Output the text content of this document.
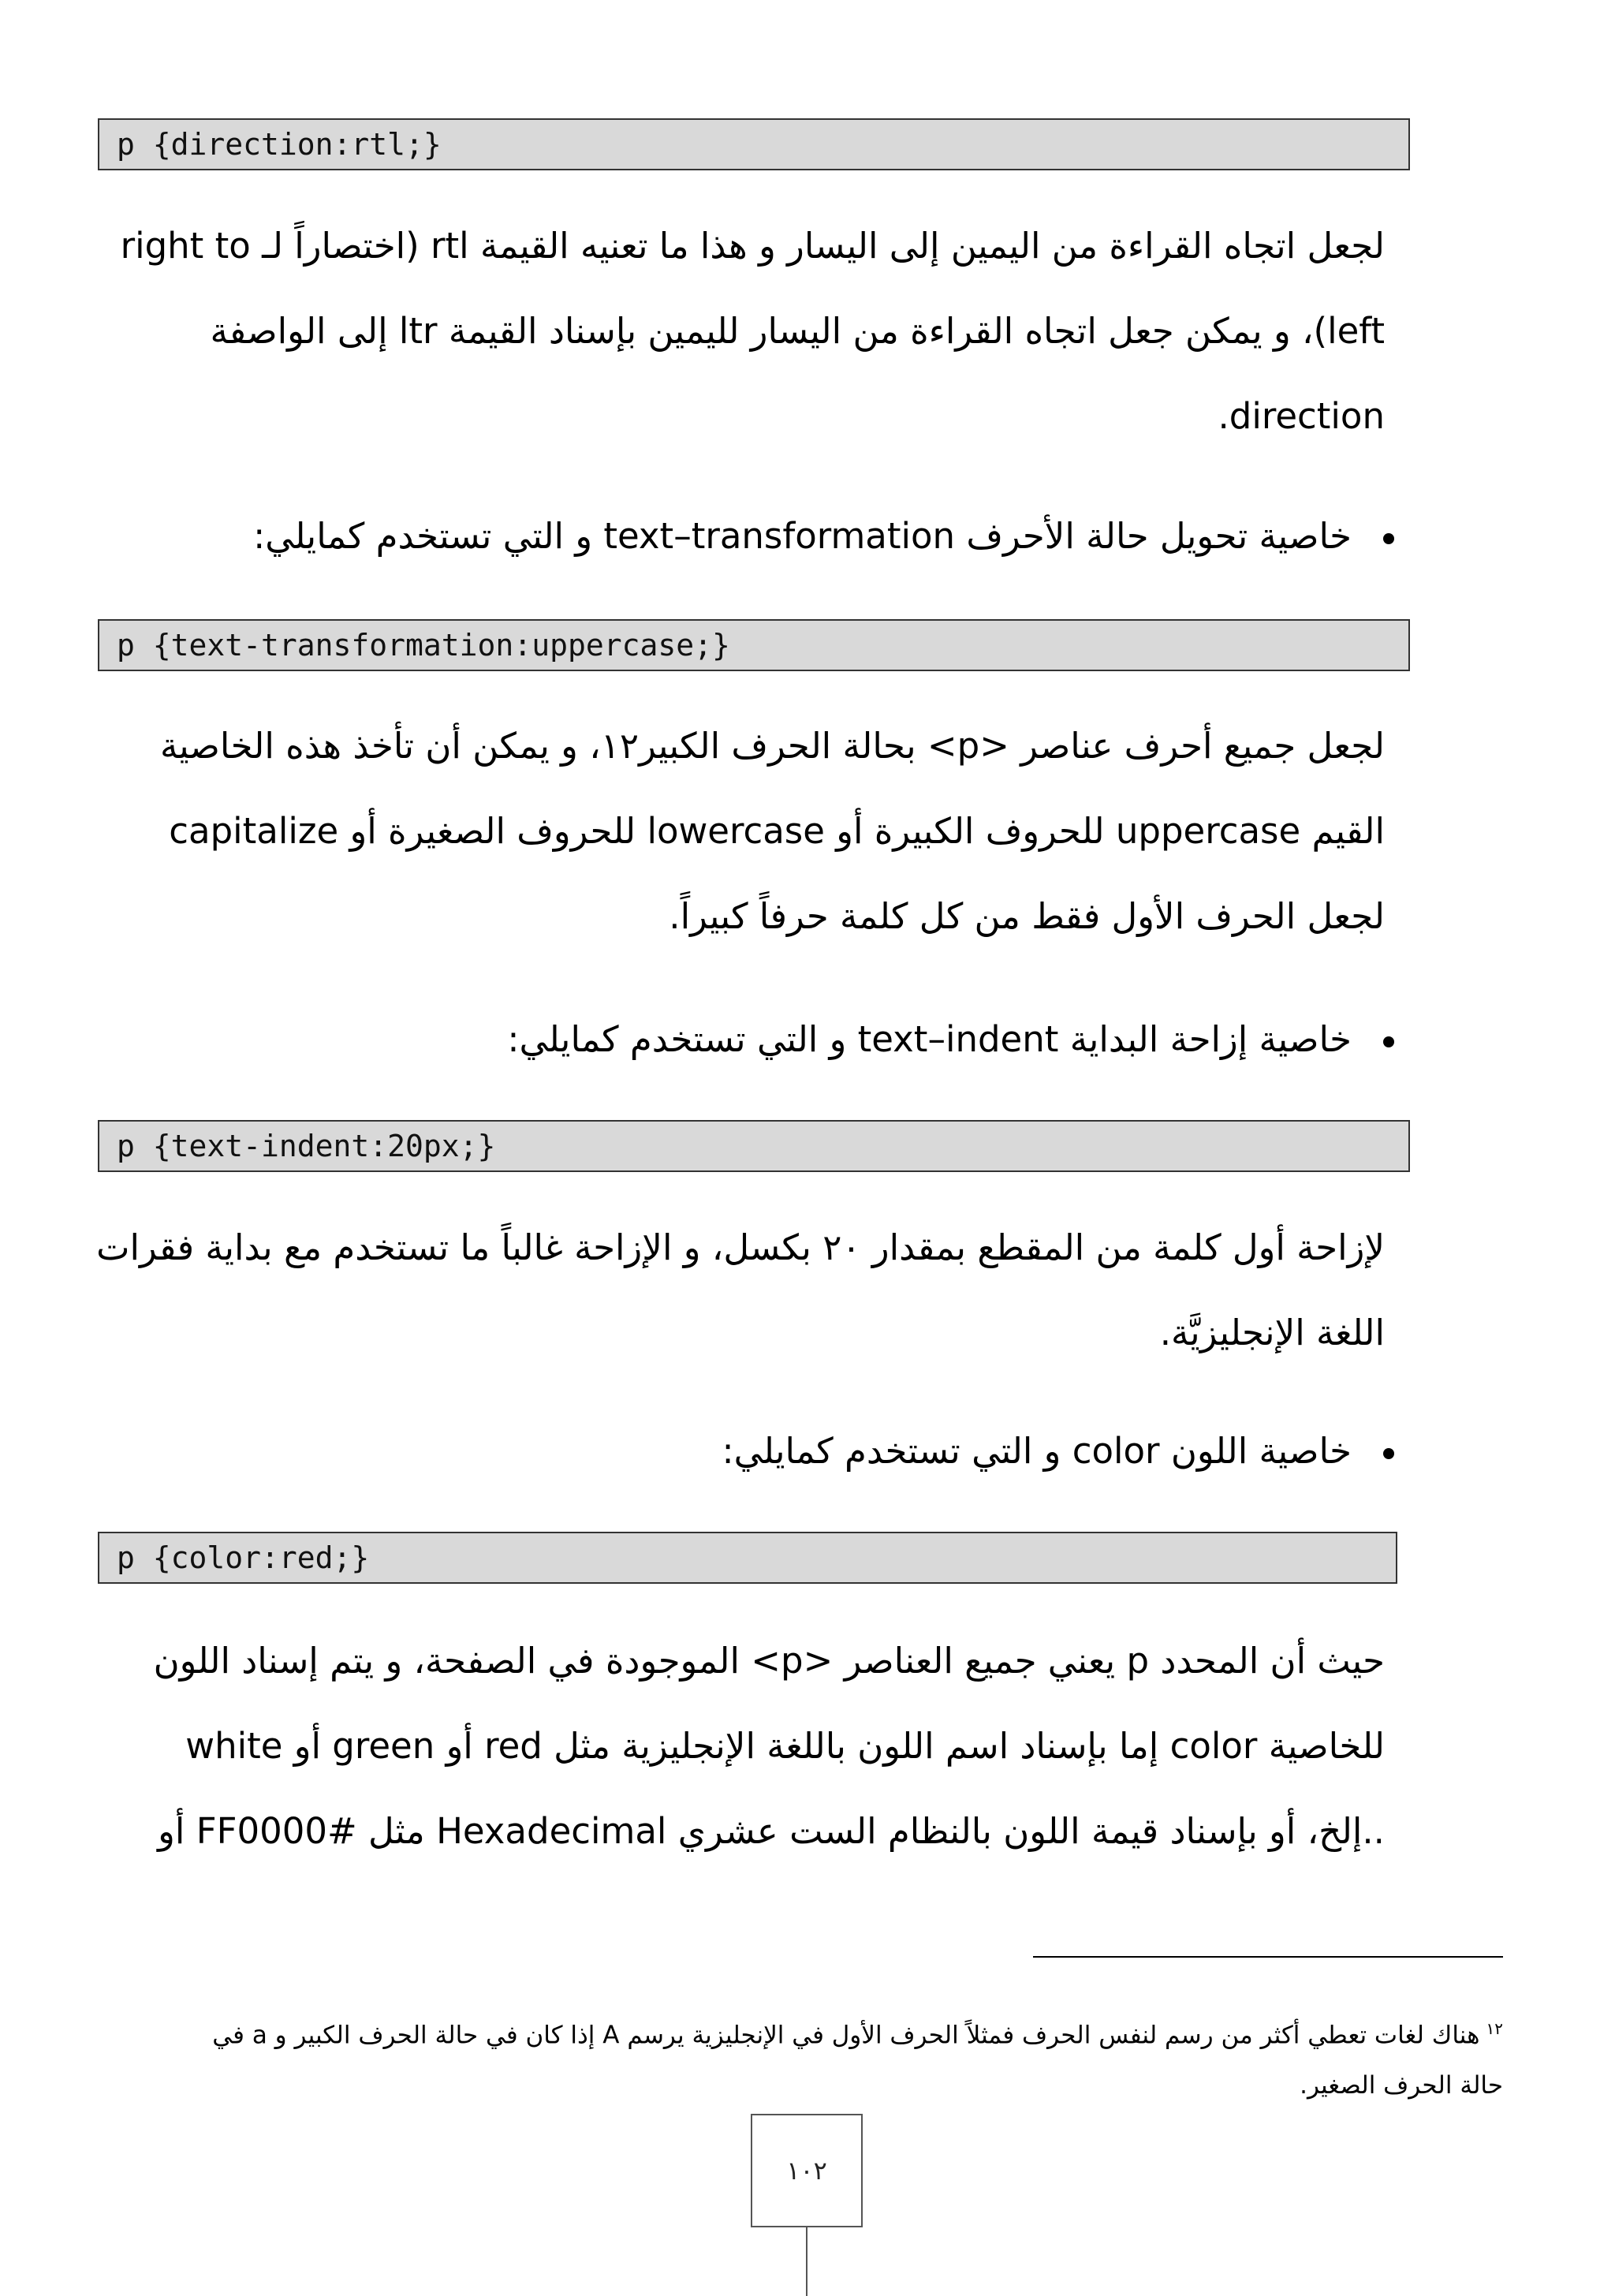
p {direction:rtl;}
لجعل اتجاه القراءة من اليمين إلى اليسار و هذا ما تعنيه القيمة rtl (اختصاراً لـ right to
left)، و يمكن جعل اتجاه القراءة من اليسار لليمين بإسناد القيمة ltr إلى الواصفة
direction.
خاصية تحويل حالة الأحرف text–transformation و التي تستخدم كمايلي:
p {text-transformation:uppercase;}
لجعل جميع أحرف عناصر <p> بحالة الحرف الكبير١٢، و يمكن أن تأخذ هذه الخاصية
القيم uppercase للحروف الكبيرة أو lowercase للحروف الصغيرة أو capitalize
لجعل الحرف الأول فقط من كل كلمة حرفاً كبيراً.
خاصية إزاحة البداية text–indent و التي تستخدم كمايلي:
p {text-indent:20px;}
لإزاحة أول كلمة من المقطع بمقدار ٢٠ بكسل، و الإزاحة غالباً ما تستخدم مع بداية فقرات
اللغة الإنجليزيَّة.
خاصية اللون color و التي تستخدم كمايلي:
p {color:red;}
حيث أن المحدد p يعني جميع العناصر <p> الموجودة في الصفحة، و يتم إسناد اللون
للخاصية color إما بإسناد اسم اللون باللغة الإنجليزية مثل red أو green أو white
..إلخ، أو بإسناد قيمة اللون بالنظام الست عشري Hexadecimal مثل #FF0000 أو
$^{١٢}$هناك لغات تعطي أكثر من رسم لنفس الحرف فمثلاً الحرف الأول في الإنجليزية يرسم A إذا كان في حالة الحرف الكبير و a في
حالة الحرف الصغير.
١٠٢
